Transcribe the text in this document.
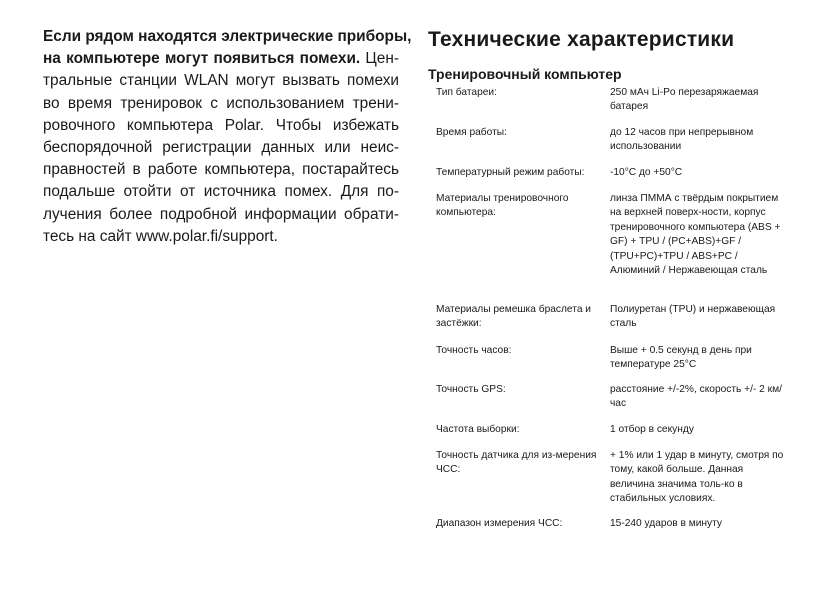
Если рядом находятся электрические приборы,
на компьютере могут появиться помехи. Цен-
тральные станции WLAN могут вызвать помехи
во время тренировок с использованием трени-
ровочного компьютера Polar. Чтобы избежать
беспорядочной регистрации данных или неис-
правностей в работе компьютера, постарайтесь
подальше отойти от источника помех. Для по-
лучения более подробной информации обрати-
тесь на сайт www.polar.fi/support.
Технические характеристики
Тренировочный компьютер
Тип батареи:	250 мАч Li-Po перезаряжаемая батарея
Время работы:	до 12 часов при непрерывном использовании
Температурный режим работы:	-10°C до +50°C
Материалы тренировочного компьютера:
линза ПММА с твёрдым покрытием на верхней поверх-ности, корпус тренировочного компьютера (ABS + GF) + TPU / (PC+ABS)+GF / (TPU+PC)+TPU / ABS+PC / Алюминий / Нержавеющая сталь
Материалы ремешка браслета и застёжки:
Полиуретан (TPU) и нержавеющая сталь
Точность часов:	Выше + 0.5 секунд в день при температуре 25°C
Точность GPS:	расстояние +/-2%, скорость +/- 2 км/час
Частота выборки:	1 отбор в секунду
Точность датчика для из-мерения ЧСС:
+ 1% или 1 удар в минуту, смотря по тому, какой больше. Данная величина значима толь-ко в стабильных условиях.
Диапазон измерения ЧСС:	15-240 ударов в минуту
